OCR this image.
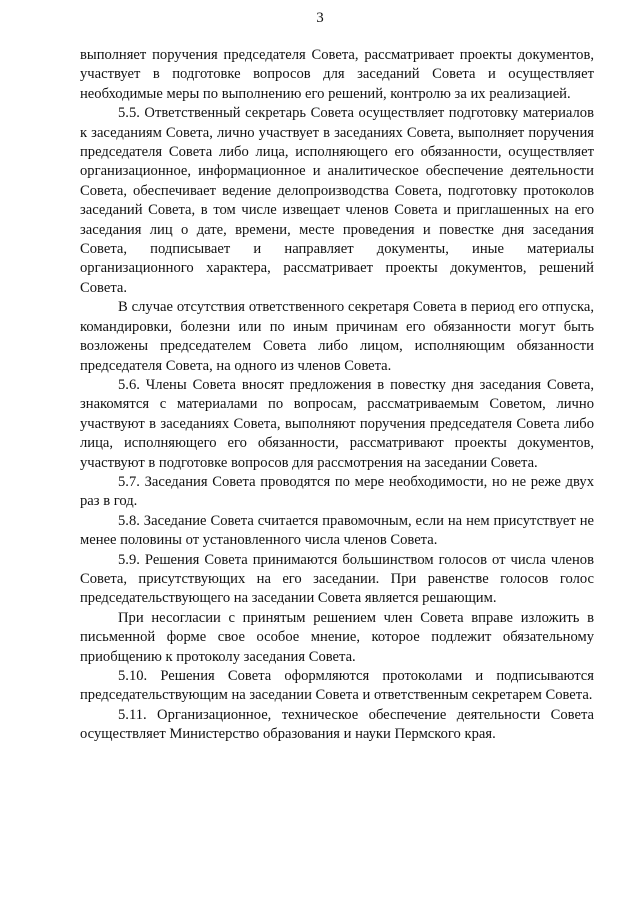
3

выполняет поручения председателя Совета, рассматривает проекты документов, участвует в подготовке вопросов для заседаний Совета и осуществляет необходимые меры по выполнению его решений, контролю за их реализацией.

5.5. Ответственный секретарь Совета осуществляет подготовку материалов к заседаниям Совета, лично участвует в заседаниях Совета, выполняет поручения председателя Совета либо лица, исполняющего его обязанности, осуществляет организационное, информационное и аналитическое обеспечение деятельности Совета, обеспечивает ведение делопроизводства Совета, подготовку протоколов заседаний Совета, в том числе извещает членов Совета и приглашенных на его заседания лиц о дате, времени, месте проведения и повестке дня заседания Совета, подписывает и направляет документы, иные материалы организационного характера, рассматривает проекты документов, решений Совета.

В случае отсутствия ответственного секретаря Совета в период его отпуска, командировки, болезни или по иным причинам его обязанности могут быть возложены председателем Совета либо лицом, исполняющим обязанности председателя Совета, на одного из членов Совета.

5.6. Члены Совета вносят предложения в повестку дня заседания Совета, знакомятся с материалами по вопросам, рассматриваемым Советом, лично участвуют в заседаниях Совета, выполняют поручения председателя Совета либо лица, исполняющего его обязанности, рассматривают проекты документов, участвуют в подготовке вопросов для рассмотрения на заседании Совета.

5.7. Заседания Совета проводятся по мере необходимости, но не реже двух раз в год.

5.8. Заседание Совета считается правомочным, если на нем присутствует не менее половины от установленного числа членов Совета.

5.9. Решения Совета принимаются большинством голосов от числа членов Совета, присутствующих на его заседании. При равенстве голосов голос председательствующего на заседании Совета является решающим.

При несогласии с принятым решением член Совета вправе изложить в письменной форме свое особое мнение, которое подлежит обязательному приобщению к протоколу заседания Совета.

5.10. Решения Совета оформляются протоколами и подписываются председательствующим на заседании Совета и ответственным секретарем Совета.

5.11. Организационное, техническое обеспечение деятельности Совета осуществляет Министерство образования и науки Пермского края.
